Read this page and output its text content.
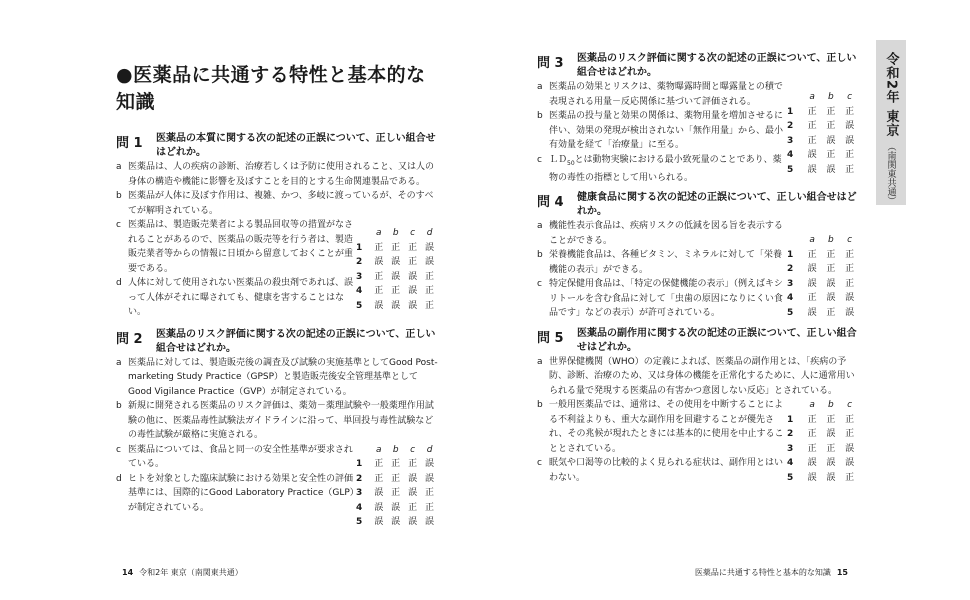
●医薬品に共通する特性と基本的な知識
問 1	医薬品の本質に関する次の記述の正誤について、正しい組合せはどれか。
a 医薬品は、人の疾病の診断、治療若しくは予防に使用されること、又は人の身体の構造や機能に影響を及ぼすことを目的とする生命関連製品である。
b 医薬品が人体に及ぼす作用は、複雑、かつ、多岐に渡っているが、そのすべてが解明されている。
c 医薬品は、製造販売業者による製品回収等の措置がなされることがあるので、医薬品の販売等を行う者は、製造販売業者等からの情報に日頃から留意しておくことが重要である。
d 人体に対して使用されない医薬品の殺虫剤であれば、誤って人体がそれに曝されても、健康を害することはない。
a	b	c	d
1	正 正 正 誤
2	誤 誤 正 誤
3	正 誤 誤 正
4	正 正 誤 正
5	誤 誤 誤 正
問 2	医薬品のリスク評価に関する次の記述の正誤について、正しい組合せはどれか。
a 医薬品に対しては、製造販売後の調査及び試験の実施基準としてGood Post-marketing Study Practice（GPSP）と製造販売後安全管理基準としてGood Vigilance Practice（GVP）が制定されている。
b 新規に開発される医薬品のリスク評価は、薬効－薬理試験や一般薬理作用試験の他に、医薬品毒性試験法ガイドラインに沿って、単回投与毒性試験などの毒性試験が厳格に実施される。
c 医薬品については、食品と同一の安全性基準が要求されている。
d ヒトを対象とした臨床試験における効果と安全性の評価基準には、国際的にGood Laboratory Practice（GLP）が制定されている。
a	b	c	d
1	正 正 正 誤
2	正 正 誤 誤
3	誤 正 誤 正
4	誤 誤 正 正
5	誤 誤 誤 誤
問 3	医薬品のリスク評価に関する次の記述の正誤について、正しい組合せはどれか。
a 医薬品の効果とリスクは、薬物曝露時間と曝露量との積で表現される用量－反応関係に基づいて評価される。
b 医薬品の投与量と効果の関係は、薬物用量を増加させるに伴い、効果の発現が検出されない「無作用量」から、最小有効量を経て「治療量」に至る。
c ＬＤ$_{50}$とは動物実験における最小致死量のことであり、薬物の毒性の指標として用いられる。
a	b	c
1	正	正	正
2	正	正	誤
3	正	誤	誤
4	誤	正	正
5	誤	誤	正
問 4	健康食品に関する次の記述の正誤について、正しい組合せはどれか。
a 機能性表示食品は、疾病リスクの低減を図る旨を表示することができる。
b 栄養機能食品は、各種ビタミン、ミネラルに対して「栄養機能の表示」ができる。
c 特定保健用食品は、「特定の保健機能の表示」（例えばキシリトールを含む食品に対して「虫歯の原因になりにくい食品です」などの表示）が許可されている。
a	b	c
1	正	正	正
2	誤	正	正
3	誤	誤	正
4	正	誤	誤
5	誤	正	誤
問 5	医薬品の副作用に関する次の記述の正誤について、正しい組合せはどれか。
a 世界保健機関（WHO）の定義によれば、医薬品の副作用とは、「疾病の予防、診断、治療のため、又は身体の機能を正常化するために、人に通常用いられる量で発現する医薬品の有害かつ意図しない反応」とされている。
b 一般用医薬品では、通常は、その使用を中断することによる不利益よりも、重大な副作用を回避することが優先され、その兆候が現れたときには基本的に使用を中止することとされている。
c 眠気や口渇等の比較的よく見られる症状は、副作用とはいわない。
a	b	c
1	正	正	正
2	正	誤	正
3	正	正	誤
4	誤	誤	誤
5	誤	誤	正
令和2年 東京
（南関東共通）
14 令和2年 東京（南関東共通）	医薬品に共通する特性と基本的な知識 15
